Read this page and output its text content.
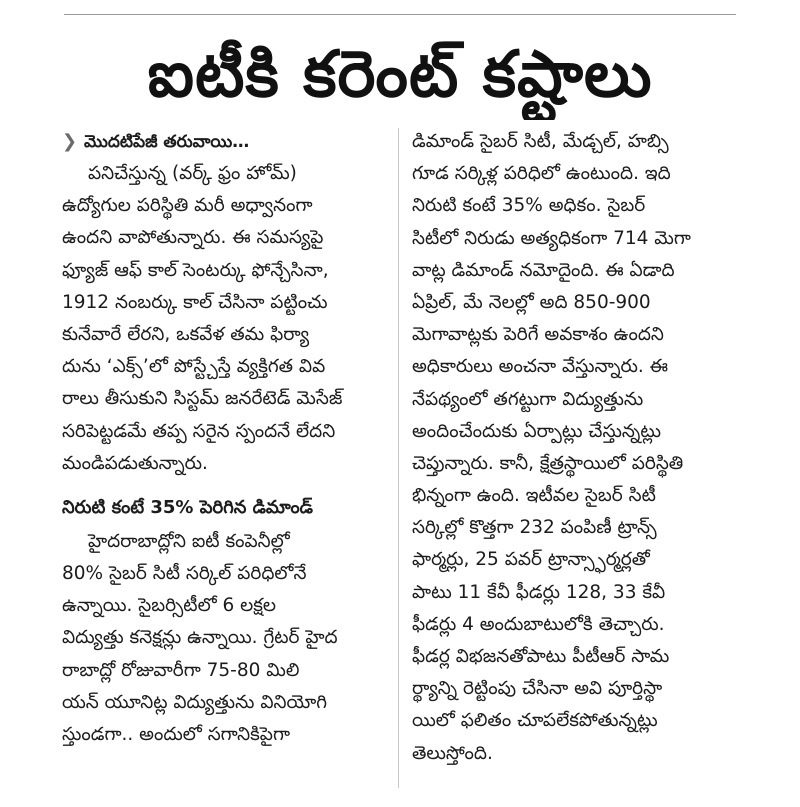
ఐటీకి కరెంట్ కష్టాలు
❯ మొదటిపేజీ తరువాయి…
పనిచేస్తున్న (వర్క్ ఫ్రం హోమ్)
ఉద్యోగుల పరిస్థితి మరీ అధ్వానంగా
ఉందని వాపోతున్నారు. ఈ సమస్యపై
ఫ్యూజ్ ఆఫ్ కాల్ సెంటర్కు ఫోన్చేసినా,
1912 నంబర్కు కాల్ చేసినా పట్టించు
కునేవారే లేరని, ఒకవేళ తమ ఫిర్యా
దును ‘ఎక్స్’లో పోస్ట్చేస్తే వ్యక్తిగత వివ
రాలు తీసుకుని సిస్టమ్ జనరేటెడ్ మెసేజ్
సరిపెట్టడమే తప్ప సరైన స్పందనే లేదని
మండిపడుతున్నారు.
నిరుటి కంటే 35% పెరిగిన డిమాండ్
హైదరాబాద్లోని ఐటీ కంపెనీల్లో
80% సైబర్ సిటీ సర్కిల్ పరిధిలోనే
ఉన్నాయి. సైబర్సిటీలో 6 లక్షల
విద్యుత్తు కనెక్షన్లు ఉన్నాయి. గ్రేటర్ హైద
రాబాద్లో రోజువారీగా 75-80 మిలి
యన్ యూనిట్ల విద్యుత్తును వినియోగి
స్తుండగా.. అందులో సగానికిపైగా
డిమాండ్ సైబర్ సిటీ, మేడ్చల్, హబ్సి
గూడ సర్కిళ్ల పరిధిలో ఉంటుంది. ఇది
నిరుటి కంటే 35% అధికం. సైబర్
సిటీలో నిరుడు అత్యధికంగా 714 మెగా
వాట్ల డిమాండ్ నమోదైంది. ఈ ఏడాది
ఏప్రిల్, మే నెలల్లో అది 850-900
మెగావాట్లకు పెరిగే అవకాశం ఉందని
అధికారులు అంచనా వేస్తున్నారు. ఈ
నేపథ్యంలో తగట్టుగా విద్యుత్తును
అందించేందుకు ఏర్పాట్లు చేస్తున్నట్లు
చెప్తున్నారు. కానీ, క్షేత్రస్థాయిలో పరిస్థితి
భిన్నంగా ఉంది. ఇటీవల సైబర్ సిటీ
సర్కిల్లో కొత్తగా 232 పంపిణీ ట్రాన్స్
ఫార్మర్లు, 25 పవర్ ట్రాన్స్ఫార్మర్లతో
పాటు 11 కేవీ ఫీడర్లు 128, 33 కేవీ
ఫీడర్లు 4 అందుబాటులోకి తెచ్చారు.
ఫీడర్ల విభజనతోపాటు పీటీఆర్ సామ
ర్థ్యాన్ని రెట్టింపు చేసినా అవి పూర్తిస్థా
యిలో ఫలితం చూపలేకపోతున్నట్లు
తెలుస్తోంది.
